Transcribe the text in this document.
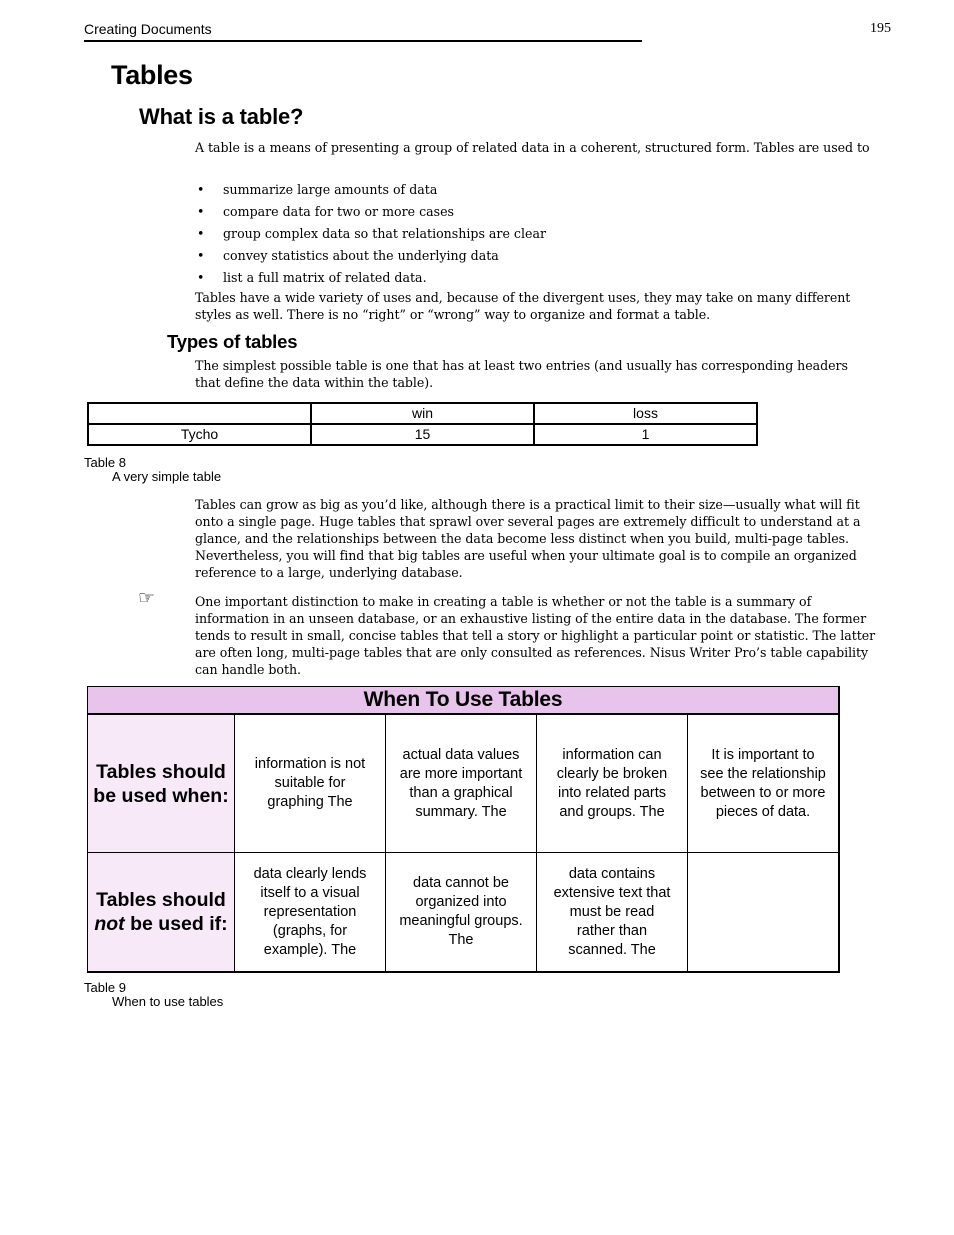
Creating Documents	195
Tables
What is a table?

A table is a means of presenting a group of related data in a coherent, structured form. Tables are used to

• summarize large amounts of data
• compare data for two or more cases
• group complex data so that relationships are clear
• convey statistics about the underlying data
• list a full matrix of related data.

Tables have a wide variety of uses and, because of the divergent uses, they may take on many different styles as well. There is no “right” or “wrong” way to organize and format a table.

Types of tables

The simplest possible table is one that has at least two entries (and usually has corresponding headers that define the data within the table).

	win	loss
Tycho	15	1
Table 8
A very simple table

Tables can grow as big as you’d like, although there is a practical limit to their size—usually what will fit onto a single page. Huge tables that sprawl over several pages are extremely difficult to understand at a glance, and the relationships between the data become less distinct when you build, multi-page tables. Nevertheless, you will find that big tables are useful when your ultimate goal is to compile an organized reference to a large, underlying database.

☞	One important distinction to make in creating a table is whether or not the table is a summary of information in an unseen database, or an exhaustive listing of the entire data in the database. The former tends to result in small, concise tables that tell a story or highlight a particular point or statistic. The latter are often long, multi-page tables that are only consulted as references. Nisus Writer Pro’s table capability can handle both.

When To Use Tables				
Tables should be used when:	information is not suitable for graphing The	actual data values are more important than a graphical summary. The	information can clearly be broken into related parts and groups. The	It is important to see the relationship between to or more pieces of data.

Tables should
not be used if:	data clearly lends itself to a visual representation (graphs, for example). The	data cannot be organized into meaningful groups. The	data contains extensive text that must be read rather than scanned. The	

Table 9
When to use tables
